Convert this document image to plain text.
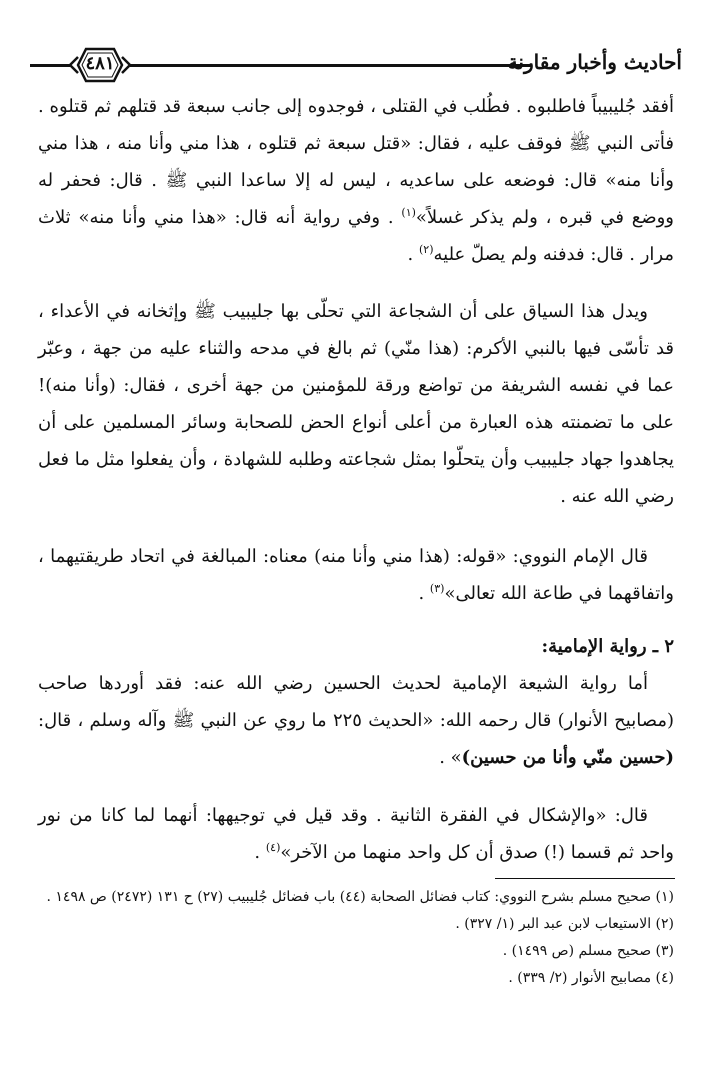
٤٨١	أحاديث وأخبار مقارنة

أفقد جُليبيباً فاطلبوه . فطُلب في القتلى ، فوجدوه إلى جانب سبعة قد قتلهم ثم قتلوه . فأتى النبي ﷺ فوقف عليه ، فقال: «قتل سبعة ثم قتلوه ، هذا مني وأنا منه ، هذا مني وأنا منه» قال: فوضعه على ساعديه ، ليس له إلا ساعدا النبي ﷺ . قال: فحفر له ووضع في قبره ، ولم يذكر غسلاً»$^{(١)}$ . وفي رواية أنه قال: «هذا مني وأنا منه» ثلاث مرار . قال: فدفنه ولم يصلّ عليه$^{(٢)}$ .

ويدل هذا السياق على أن الشجاعة التي تحلّى بها جليبيب ﷺ وإثخانه في الأعداء ، قد تأسّى فيها بالنبي الأكرم: (هذا منّي) ثم بالغ في مدحه والثناء عليه من جهة ، وعبّر عما في نفسه الشريفة من تواضع ورقة للمؤمنين من جهة أخرى ، فقال: (وأنا منه)! على ما تضمنته هذه العبارة من أعلى أنواع الحض للصحابة وسائر المسلمين على أن يجاهدوا جهاد جليبيب وأن يتحلّوا بمثل شجاعته وطلبه للشهادة ، وأن يفعلوا مثل ما فعل رضي الله عنه .

قال الإمام النووي: «قوله: (هذا مني وأنا منه) معناه: المبالغة في اتحاد طريقتيهما ، واتفاقهما في طاعة الله تعالى»$^{(٣)}$ .

٢ ـ رواية الإمامية:

أما رواية الشيعة الإمامية لحديث الحسين رضي الله عنه: فقد أوردها صاحب (مصابيح الأنوار) قال رحمه الله: «الحديث ٢٢٥ ما روي عن النبي ﷺ وآله وسلم ، قال: (حسين منّي وأنا من حسين)» .

قال: «والإشكال في الفقرة الثانية . وقد قيل في توجيهها: أنهما لما كانا من نور واحد ثم قسما (!) صدق أن كل واحد منهما من الآخر»$^{(٤)}$ .

(١) صحيح مسلم بشرح النووي: كتاب فضائل الصحابة (٤٤) باب فضائل جُليبيب (٢٧) ح ١٣١ (٢٤٧٢) ص ١٤٩٨ .
(٢) الاستيعاب لابن عبد البر (١/ ٣٢٧) .
(٣) صحيح مسلم (ص ١٤٩٩) .
(٤) مصابيح الأنوار (٢/ ٣٣٩) .
